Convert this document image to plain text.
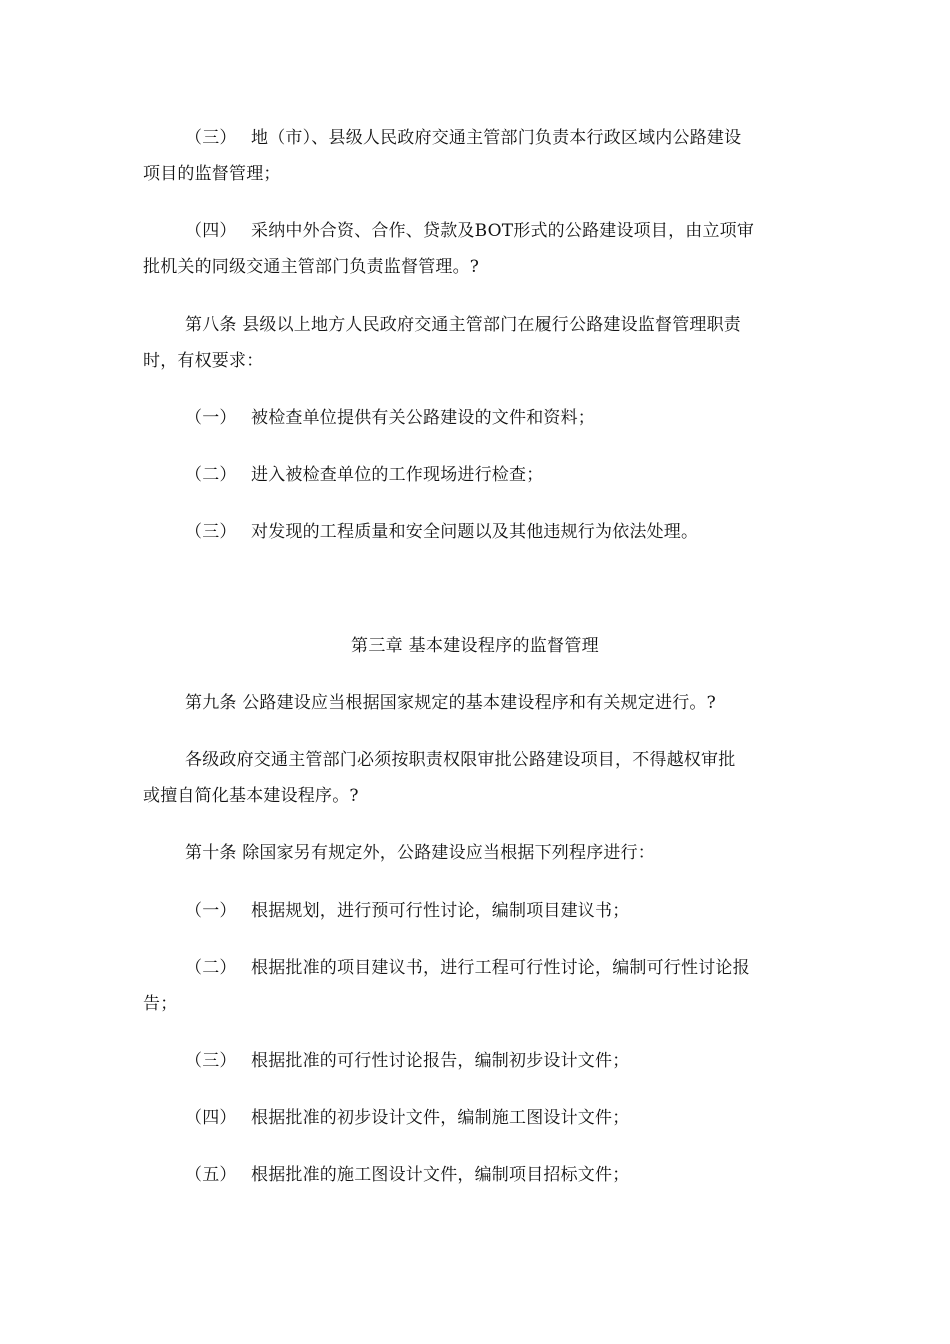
（三） 地（市）、县级人民政府交通主管部门负责本行政区域内公路建设
项目的监督管理；
（四） 采纳中外合资、合作、贷款及BOT形式的公路建设项目，由立项审
批机关的同级交通主管部门负责监督管理。?
第八条 县级以上地方人民政府交通主管部门在履行公路建设监督管理职责
时，有权要求：
（一） 被检查单位提供有关公路建设的文件和资料；
（二） 进入被检查单位的工作现场进行检查；
（三） 对发现的工程质量和安全问题以及其他违规行为依法处理。
第三章 基本建设程序的监督管理
第九条 公路建设应当根据国家规定的基本建设程序和有关规定进行。?
各级政府交通主管部门必须按职责权限审批公路建设项目，不得越权审批
或擅自简化基本建设程序。?
第十条 除国家另有规定外，公路建设应当根据下列程序进行：
（一） 根据规划，进行预可行性讨论，编制项目建议书；
（二） 根据批准的项目建议书，进行工程可行性讨论，编制可行性讨论报
告；
（三） 根据批准的可行性讨论报告，编制初步设计文件；
（四） 根据批准的初步设计文件，编制施工图设计文件；
（五） 根据批准的施工图设计文件，编制项目招标文件；
